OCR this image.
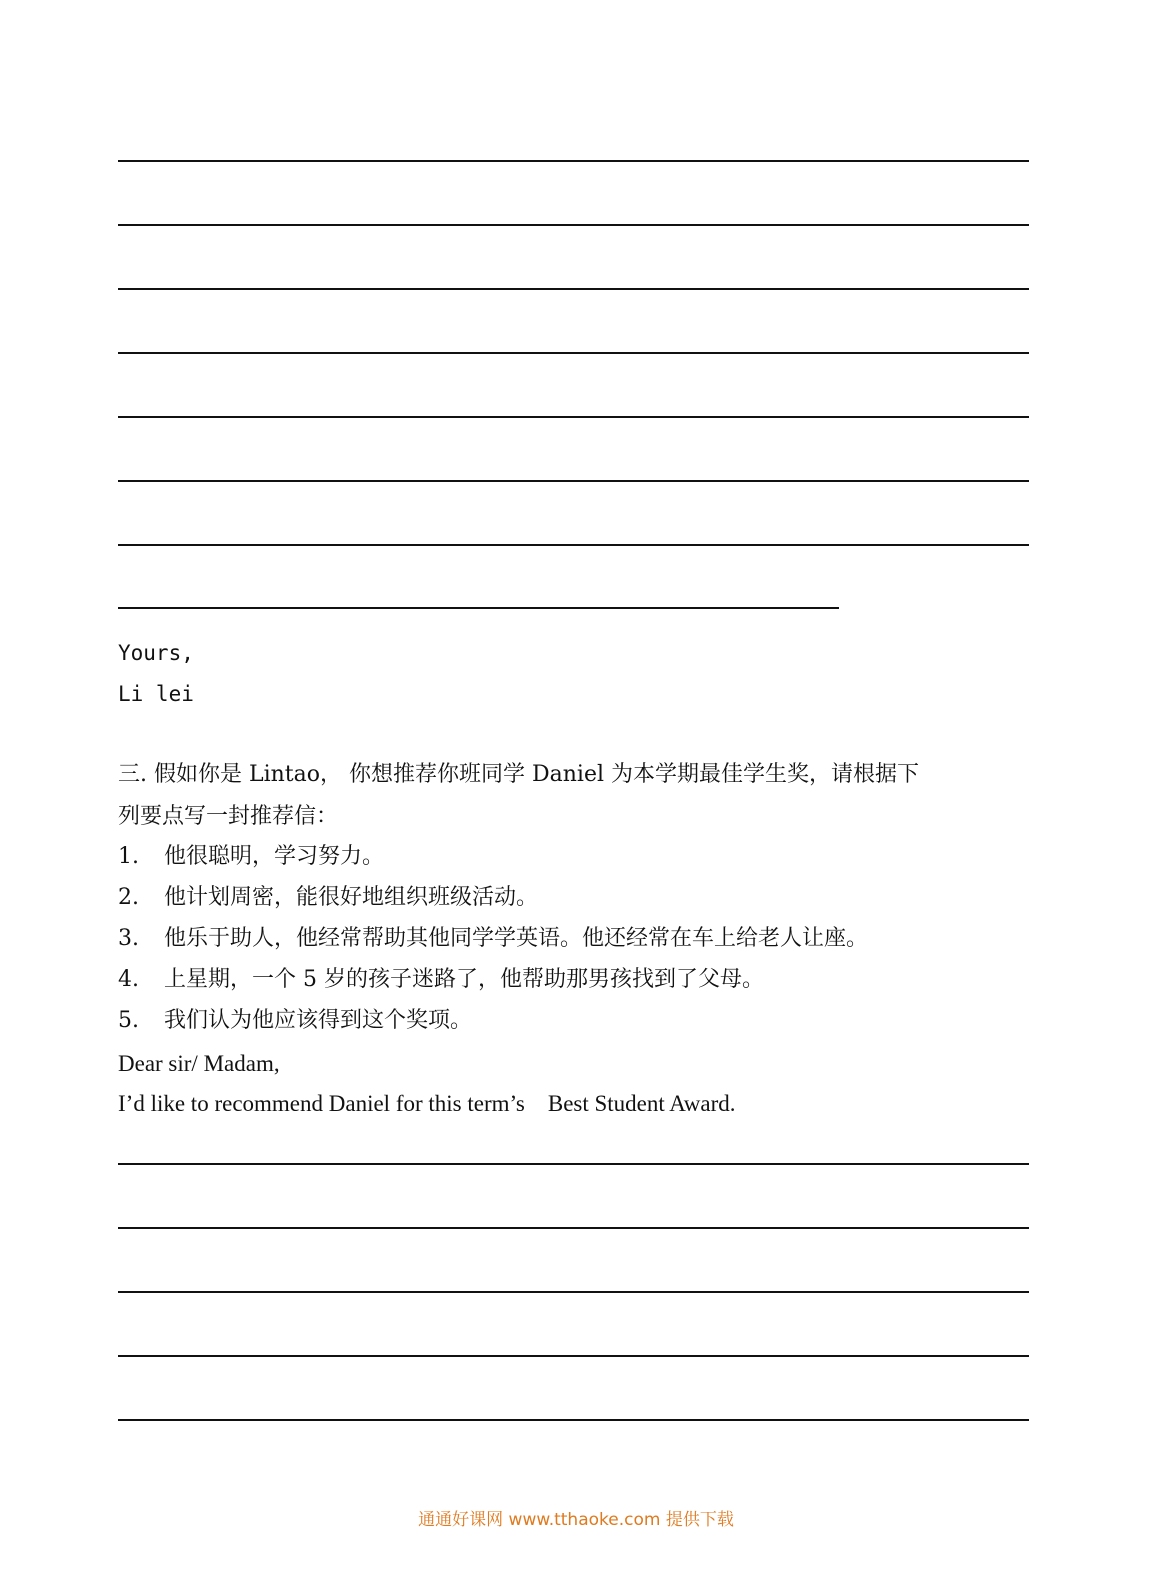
Yours,
Li lei
三. 假如你是 Lintao， 你想推荐你班同学 Daniel 为本学期最佳学生奖，请根据下
列要点写一封推荐信：
1. 他很聪明，学习努力。
2. 他计划周密，能很好地组织班级活动。
3. 他乐于助人，他经常帮助其他同学学英语。他还经常在车上给老人让座。
4. 上星期，一个 5 岁的孩子迷路了，他帮助那男孩找到了父母。
5. 我们认为他应该得到这个奖项。
Dear sir/ Madam,
I’d like to recommend Daniel for this term’s    Best Student Award.
通通好课网 www.tthaoke.com 提供下载
